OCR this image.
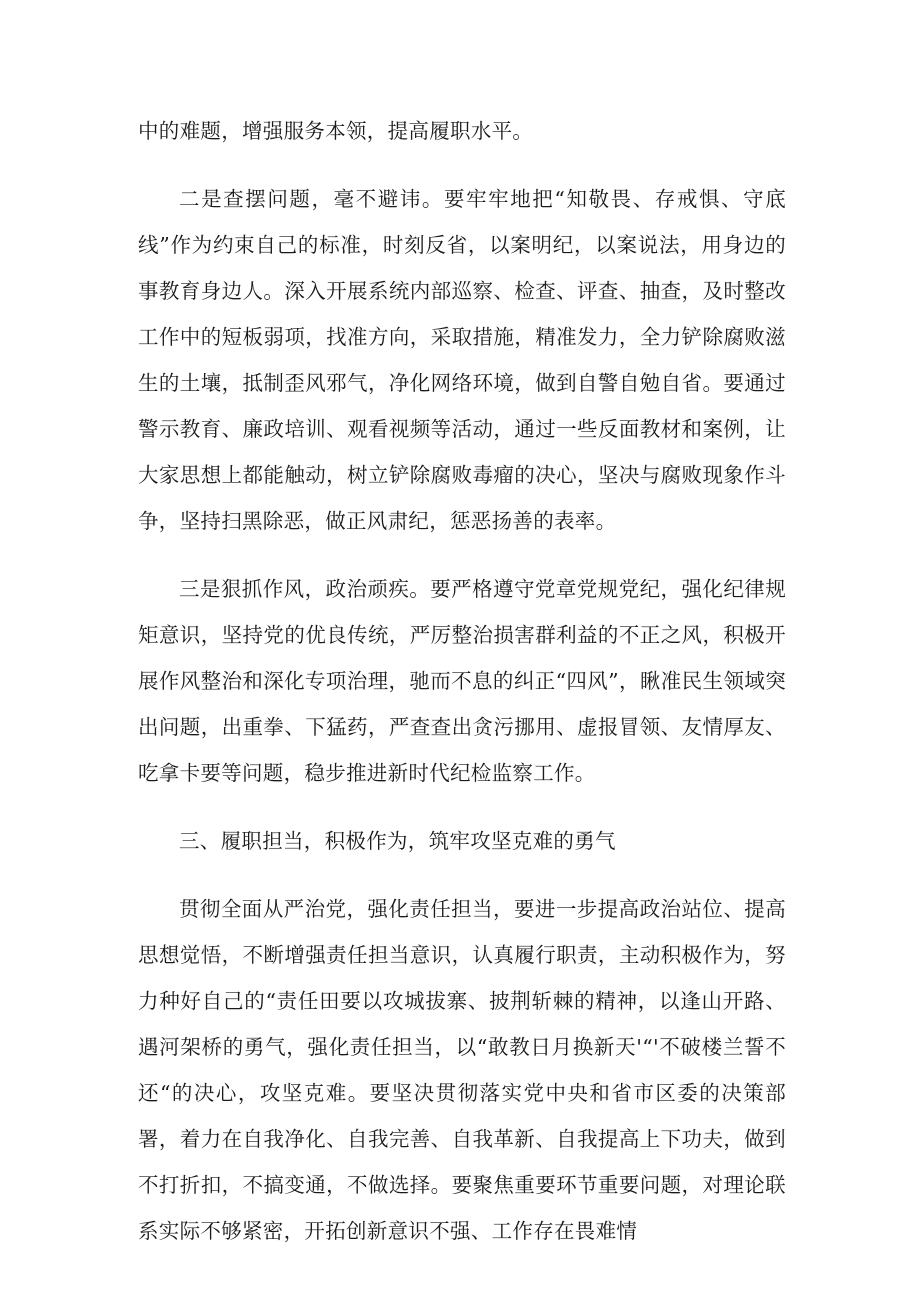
中的难题，增强服务本领，提高履职水平。

二是查摆问题，毫不避讳。要牢牢地把“知敬畏、存戒惧、守底线”作为约束自己的标准，时刻反省，以案明纪，以案说法，用身边的事教育身边人。深入开展系统内部巡察、检查、评查、抽查，及时整改工作中的短板弱项，找准方向，采取措施，精准发力，全力铲除腐败滋生的土壤，抵制歪风邪气，净化网络环境，做到自警自勉自省。要通过警示教育、廉政培训、观看视频等活动，通过一些反面教材和案例，让大家思想上都能触动，树立铲除腐败毒瘤的决心，坚决与腐败现象作斗争，坚持扫黑除恶，做正风肃纪，惩恶扬善的表率。

三是狠抓作风，政治顽疾。要严格遵守党章党规党纪，强化纪律规矩意识，坚持党的优良传统，严厉整治损害群利益的不正之风，积极开展作风整治和深化专项治理，驰而不息的纠正“四风”，瞅准民生领域突出问题，出重拳、下猛药，严查查出贪污挪用、虚报冒领、友情厚友、吃拿卡要等问题，稳步推进新时代纪检监察工作。

三、履职担当，积极作为，筑牢攻坚克难的勇气

贯彻全面从严治党，强化责任担当，要进一步提高政治站位、提高思想觉悟，不断增强责任担当意识，认真履行职责，主动积极作为，努力种好自己的“责任田要以攻城拔寨、披荆斩棘的精神，以逢山开路、遇河架桥的勇气，强化责任担当，以“敢教日月换新天'“'不破楼兰誓不还“的决心，攻坚克难。要坚决贯彻落实党中央和省市区委的决策部署，着力在自我净化、自我完善、自我革新、自我提高上下功夫，做到不打折扣，不搞变通，不做选择。要聚焦重要环节重要问题，对理论联系实际不够紧密，开拓创新意识不强、工作存在畏难情
